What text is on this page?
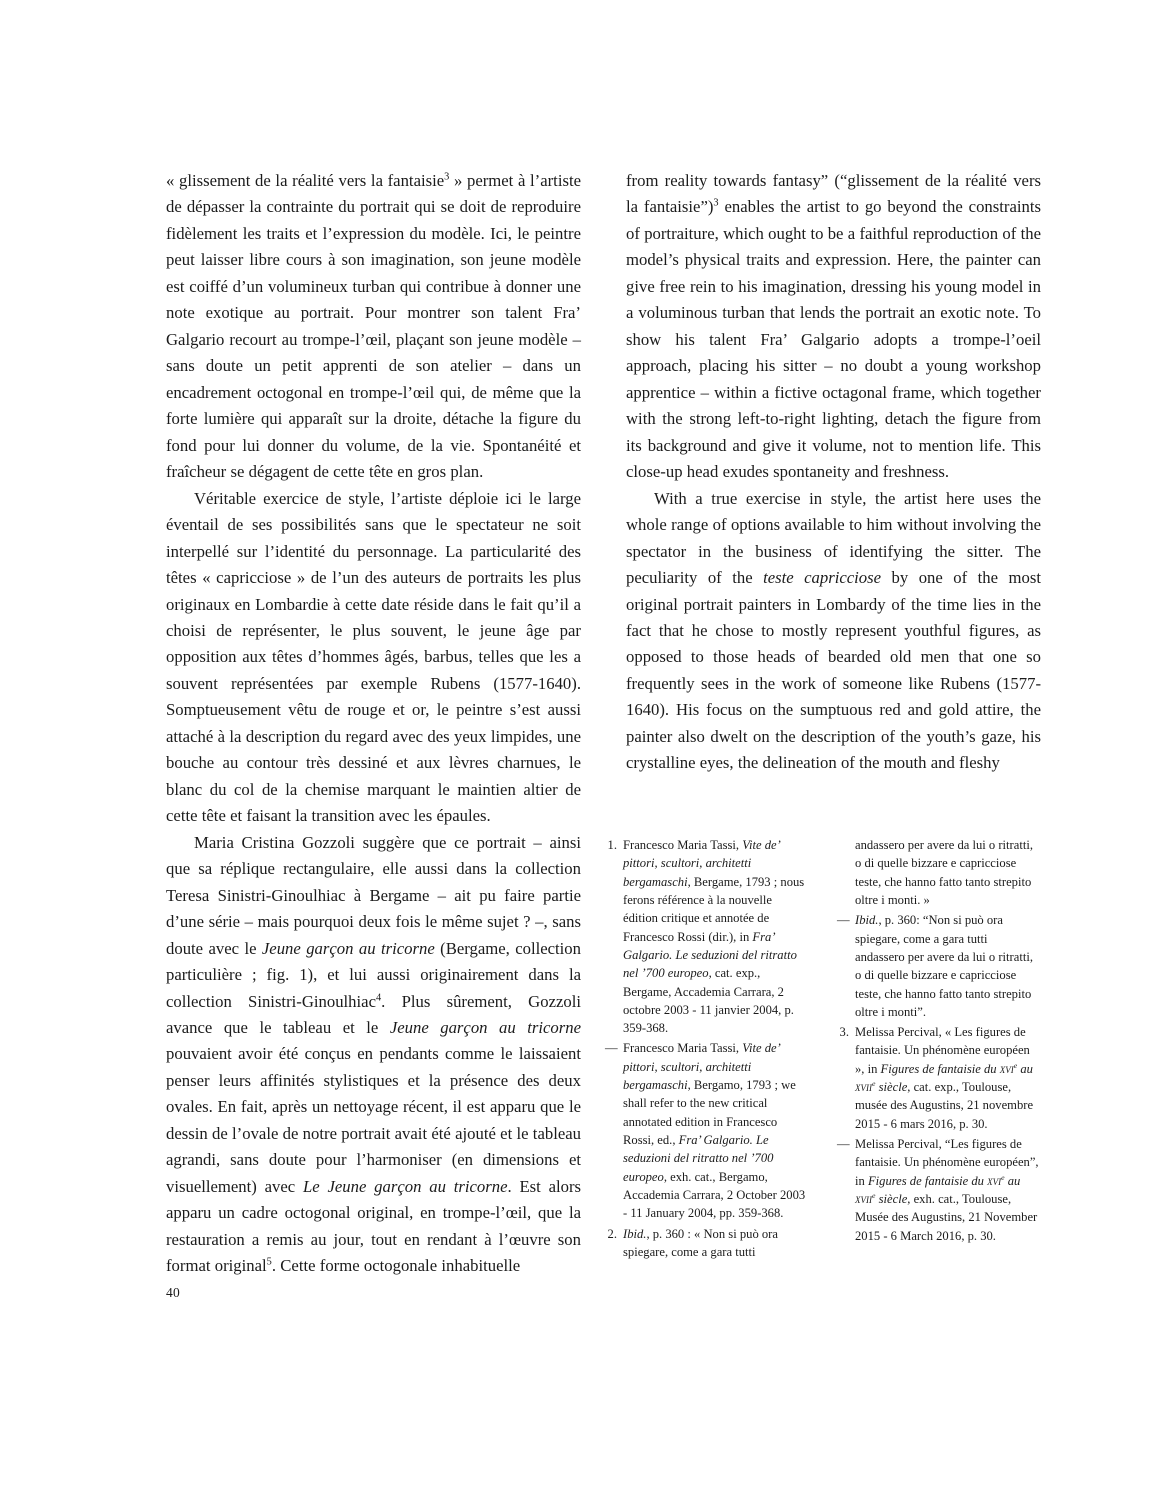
« glissement de la réalité vers la fantaisie$^3$ » permet à l’artiste de dépasser la contrainte du portrait qui se doit de reproduire fidèlement les traits et l’expression du modèle. Ici, le peintre peut laisser libre cours à son imagination, son jeune modèle est coiffé d’un volumineux turban qui contribue à donner une note exotique au portrait. Pour montrer son talent Fra’ Galgario recourt au trompe-l’œil, plaçant son jeune modèle – sans doute un petit apprenti de son atelier – dans un encadrement octogonal en trompe-l’œil qui, de même que la forte lumière qui apparaît sur la droite, détache la figure du fond pour lui donner du volume, de la vie. Spontanéité et fraîcheur se dégagent de cette tête en gros plan.

Véritable exercice de style, l’artiste déploie ici le large éventail de ses possibilités sans que le spectateur ne soit interpellé sur l’identité du personnage. La particularité des têtes « capricciose » de l’un des auteurs de portraits les plus originaux en Lombardie à cette date réside dans le fait qu’il a choisi de représenter, le plus souvent, le jeune âge par opposition aux têtes d’hommes âgés, barbus, telles que les a souvent représentées par exemple Rubens (1577-1640). Somptueusement vêtu de rouge et or, le peintre s’est aussi attaché à la description du regard avec des yeux limpides, une bouche au contour très dessiné et aux lèvres charnues, le blanc du col de la chemise marquant le maintien altier de cette tête et faisant la transition avec les épaules.

Maria Cristina Gozzoli suggère que ce portrait – ainsi que sa réplique rectangulaire, elle aussi dans la collection Teresa Sinistri-Ginoulhiac à Bergame – ait pu faire partie d’une série – mais pourquoi deux fois le même sujet ? –, sans doute avec le Jeune garçon au tricorne (Bergame, collection particulière ; fig. 1), et lui aussi originairement dans la collection Sinistri-Ginoulhiac$^4$. Plus sûrement, Gozzoli avance que le tableau et le Jeune garçon au tricorne pouvaient avoir été conçus en pendants comme le laissaient penser leurs affinités stylistiques et la présence des deux ovales. En fait, après un nettoyage récent, il est apparu que le dessin de l’ovale de notre portrait avait été ajouté et le tableau agrandi, sans doute pour l’harmoniser (en dimensions et visuellement) avec Le Jeune garçon au tricorne. Est alors apparu un cadre octogonal original, en trompe-l’œil, que la restauration a remis au jour, tout en rendant à l’œuvre son format original$^5$. Cette forme octogonale inhabituelle

from reality towards fantasy” (“glissement de la réalité vers la fantaisie”)$^3$ enables the artist to go beyond the constraints of portraiture, which ought to be a faithful reproduction of the model’s physical traits and expression. Here, the painter can give free rein to his imagination, dressing his young model in a voluminous turban that lends the portrait an exotic note. To show his talent Fra’ Galgario adopts a trompe-l’oeil approach, placing his sitter – no doubt a young workshop apprentice – within a fictive octagonal frame, which together with the strong left-to-right lighting, detach the figure from its background and give it volume, not to mention life. This close-up head exudes spontaneity and freshness.

With a true exercise in style, the artist here uses the whole range of options available to him without involving the spectator in the business of identifying the sitter. The peculiarity of the teste capricciose by one of the most original portrait painters in Lombardy of the time lies in the fact that he chose to mostly represent youthful figures, as opposed to those heads of bearded old men that one so frequently sees in the work of someone like Rubens (1577-1640). His focus on the sumptuous red and gold attire, the painter also dwelt on the description of the youth’s gaze, his crystalline eyes, the delineation of the mouth and fleshy

1. Francesco Maria Tassi, Vite de’ pittori, scultori, architetti bergamaschi, Bergame, 1793 ; nous ferons référence à la nouvelle édition critique et annotée de Francesco Rossi (dir.), in Fra’ Galgario. Le seduzioni del ritratto nel ’700 europeo, cat. exp., Bergame, Accademia Carrara, 2 octobre 2003 - 11 janvier 2004, p. 359-368.
— Francesco Maria Tassi, Vite de’ pittori, scultori, architetti bergamaschi, Bergamo, 1793 ; we shall refer to the new critical annotated edition in Francesco Rossi, ed., Fra’ Galgario. Le seduzioni del ritratto nel ’700 europeo, exh. cat., Bergamo, Accademia Carrara, 2 October 2003 - 11 January 2004, pp. 359-368.
2. Ibid., p. 360 : « Non si può ora spiegare, come a gara tutti
andassero per avere da lui o ritratti, o di quelle bizzare e capricciose teste, che hanno fatto tanto strepito oltre i monti. »
— Ibid., p. 360: “Non si può ora spiegare, come a gara tutti andassero per avere da lui o ritratti, o di quelle bizzare e capricciose teste, che hanno fatto tanto strepito oltre i monti”.
3. Melissa Percival, « Les figures de fantaisie. Un phénomène européen », in Figures de fantaisie du xvi$^e$ au xvii$^e$ siècle, cat. exp., Toulouse, musée des Augustins, 21 novembre 2015 - 6 mars 2016, p. 30.
— Melissa Percival, “Les figures de fantaisie. Un phénomène européen”, in Figures de fantaisie du xvi$^e$ au xvii$^e$ siècle, exh. cat., Toulouse, Musée des Augustins, 21 November 2015 - 6 March 2016, p. 30.
40
